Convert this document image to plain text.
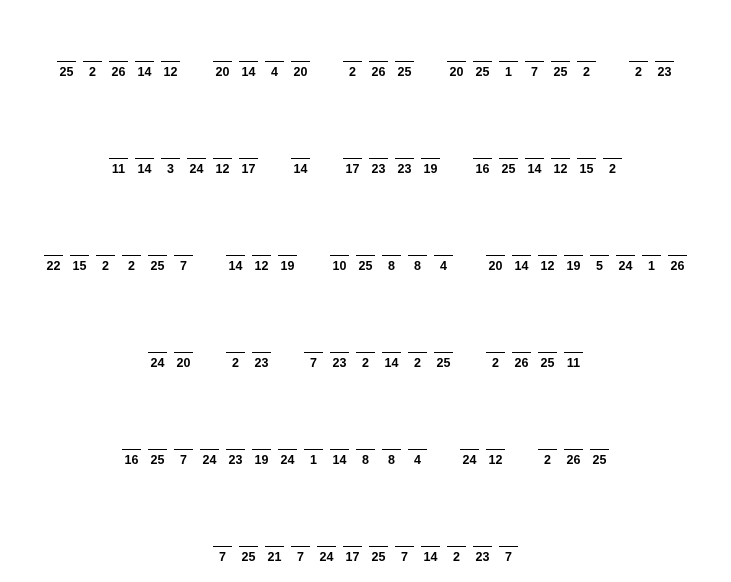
25 2 26 14 12	20 14 4 20	2 26 25	20 25 1 7 25 2	2 23
11 14 3 24 12 17	14	17 23 23 19	16 25 14 12 15 2
22 15 2 2 25 7	14 12 19	10 25 8 8 4	20 14 12 19 5 24 1 26
24 20	2 23	7 23 2 14 2 25	2 26 25 11
16 25 7 24 23 19 24 1 14 8 8 4	24 12	2 26 25
7 25 21 7 24 17 25 7 14 2 23 7
